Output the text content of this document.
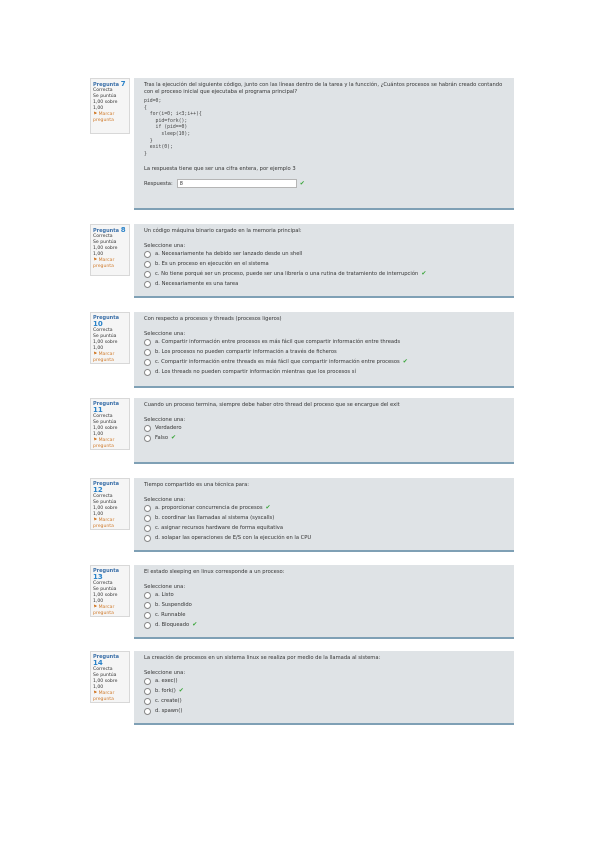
Pregunta 7
Correcta
Se puntúa
1,00 sobre
1,00
⚑ Marcar pregunta
Tras la ejecución del siguiente código, junto con las líneas dentro de la tarea y la funcción, ¿Cuántos procesos se habrán creado contando con el proceso inicial que ejecutaba el programa principal?
pid=0;
{
for(i=0; i<3;i++){
pid=fork();
if (pid==0)
sleep(10);
}
exit(0);
}
La respuesta tiene que ser una cifra entera, por ejemplo 3
Respuesta:	8	✔
Pregunta 8
Correcta
Se puntúa
1,00 sobre
1,00
⚑ Marcar pregunta
Un código máquina binario cargado en la memoria principal:
Seleccione una:
a. Necesariamente ha debido ser lanzado desde un shell
b. Es un proceso en ejecución en el sistema
c. No tiene porqué ser un proceso, puede ser una librería o una rutina de tratamiento de interrupción ✔
d. Necesariamente es una tarea
Pregunta 10
Correcta
Se puntúa
1,00 sobre
1,00
⚑ Marcar pregunta
Con respecto a procesos y threads (procesos ligeros)
Seleccione una:
a. Compartir información entre procesos es más fácil que compartir información entre threads
b. Los procesos no pueden compartir información a través de ficheros
c. Compartir información entre threads es más fácil que compartir información entre procesos ✔
d. Los threads no pueden compartir información mientras que los procesos sí
Pregunta 11
Correcta
Se puntúa
1,00 sobre
1,00
⚑ Marcar pregunta
Cuando un proceso termina, siempre debe haber otro thread del proceso que se encargue del exit
Seleccione una:
Verdadero
Falso ✔
Pregunta 12
Correcta
Se puntúa
1,00 sobre
1,00
⚑ Marcar pregunta
Tiempo compartido es una técnica para:
Seleccione una:
a. proporcionar concurrencia de procesos ✔
b. coordinar las llamadas al sistema (syscalls)
c. asignar recursos hardware de forma equitativa
d. solapar las operaciones de E/S con la ejecución en la CPU
Pregunta 13
Correcta
Se puntúa
1,00 sobre
1,00
⚑ Marcar pregunta
El estado sleeping en linux corresponde a un proceso:
Seleccione una:
a. Listo
b. Suspendido
c. Runnable
d. Bloqueado ✔
Pregunta 14
Correcta
Se puntúa
1,00 sobre
1,00
⚑ Marcar pregunta
La creación de procesos en un sistema linux se realiza por medio de la llamada al sistema:
Seleccione una:
a. exec()
b. fork() ✔
c. create()
d. spawn()
